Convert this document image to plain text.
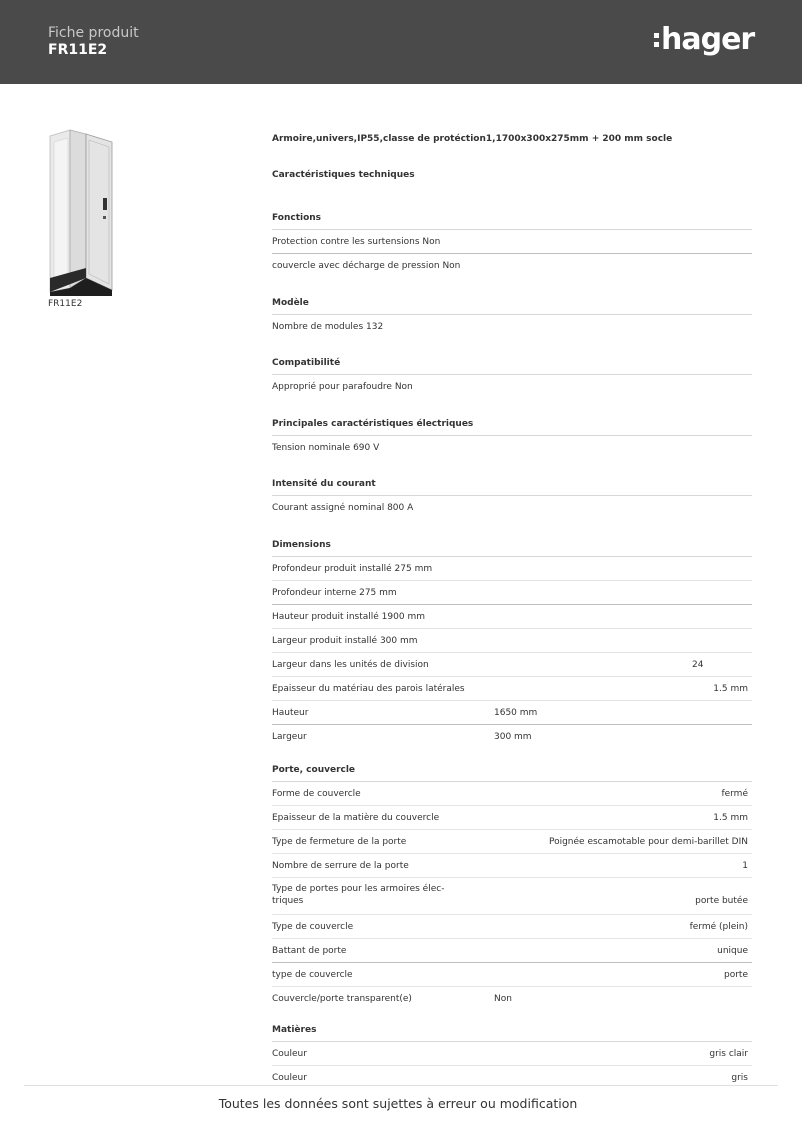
Fiche produit
FR11E2	hager
FR11E2
Armoire,univers,IP55,classe de protéction1,1700x300x275mm + 200 mm socle
Caractéristiques techniques
Fonctions
Protection contre les surtensions Non
couvercle avec décharge de pression Non
Modèle
Nombre de modules 132
Compatibilité
Approprié pour parafoudre Non
Principales caractéristiques électriques
Tension nominale 690 V
Intensité du courant
Courant assigné nominal 800 A
Dimensions
Profondeur produit installé 275 mm
Profondeur interne 275 mm
Hauteur produit installé 1900 mm
Largeur produit installé 300 mm
Largeur dans les unités de division	24
Epaisseur du matériau des parois latérales	1.5 mm
Hauteur	1650 mm
Largeur	300 mm
Porte, couvercle
Forme de couvercle	fermé
Epaisseur de la matière du couvercle	1.5 mm
Type de fermeture de la porte	Poignée escamotable pour demi-barillet DIN
Nombre de serrure de la porte	1
Type de portes pour les armoires élec-triques	porte butée
Type de couvercle	fermé (plein)
Battant de porte	unique
type de couvercle	porte
Couvercle/porte transparent(e)	Non
Matières
Couleur	gris clair
Couleur	gris
Toutes les données sont sujettes à erreur ou modification
